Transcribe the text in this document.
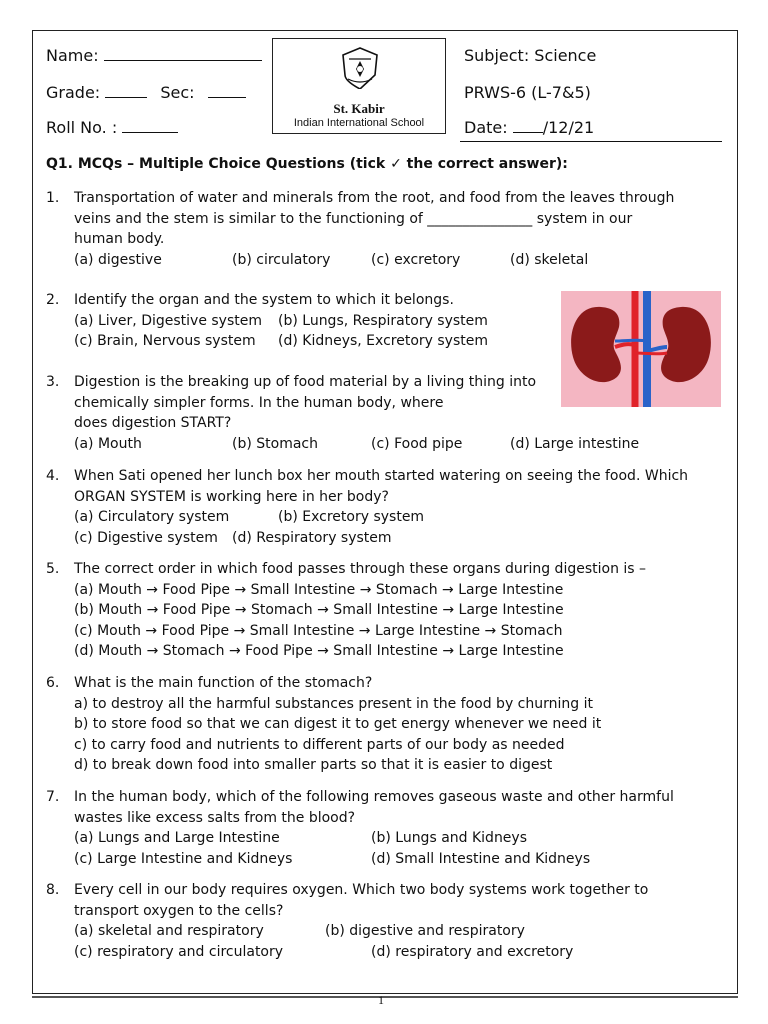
Name:
Grade:	Sec:
Roll No. :
St. Kabir
Indian International School
Subject: Science
PRWS-6 (L-7&5)
Date: /12/21
Q1. MCQs – Multiple Choice Questions (tick ✓ the correct answer):
1.	Transportation of water and minerals from the root, and food from the leaves through
veins and the stem is similar to the functioning of _______________ system in our
human body.
(a) digestive	(b) circulatory	(c) excretory	(d) skeletal
2.	Identify the organ and the system to which it belongs.
(a) Liver, Digestive system (b) Lungs, Respiratory system
(c) Brain, Nervous system (d) Kidneys, Excretory system
3.	Digestion is the breaking up of food material by a living thing into
chemically simpler forms. In the human body, where
does digestion START?
(a) Mouth	(b) Stomach	(c) Food pipe	(d) Large intestine
4.	When Sati opened her lunch box her mouth started watering on seeing the food. Which
ORGAN SYSTEM is working here in her body?
(a) Circulatory system	(b) Excretory system
(c) Digestive system (d) Respiratory system
5.	The correct order in which food passes through these organs during digestion is –
(a) Mouth → Food Pipe → Small Intestine → Stomach → Large Intestine
(b) Mouth → Food Pipe → Stomach → Small Intestine → Large Intestine
(c) Mouth → Food Pipe → Small Intestine → Large Intestine → Stomach
(d) Mouth → Stomach → Food Pipe → Small Intestine → Large Intestine
6.	What is the main function of the stomach?
a) to destroy all the harmful substances present in the food by churning it
b) to store food so that we can digest it to get energy whenever we need it
c) to carry food and nutrients to different parts of our body as needed
d) to break down food into smaller parts so that it is easier to digest
7.	In the human body, which of the following removes gaseous waste and other harmful
wastes like excess salts from the blood?
(a) Lungs and Large Intestine	(b) Lungs and Kidneys
(c) Large Intestine and Kidneys	(d) Small Intestine and Kidneys
8.	Every cell in our body requires oxygen. Which two body systems work together to
transport oxygen to the cells?
(a) skeletal and respiratory	(b) digestive and respiratory
(c) respiratory and circulatory	(d) respiratory and excretory
1
